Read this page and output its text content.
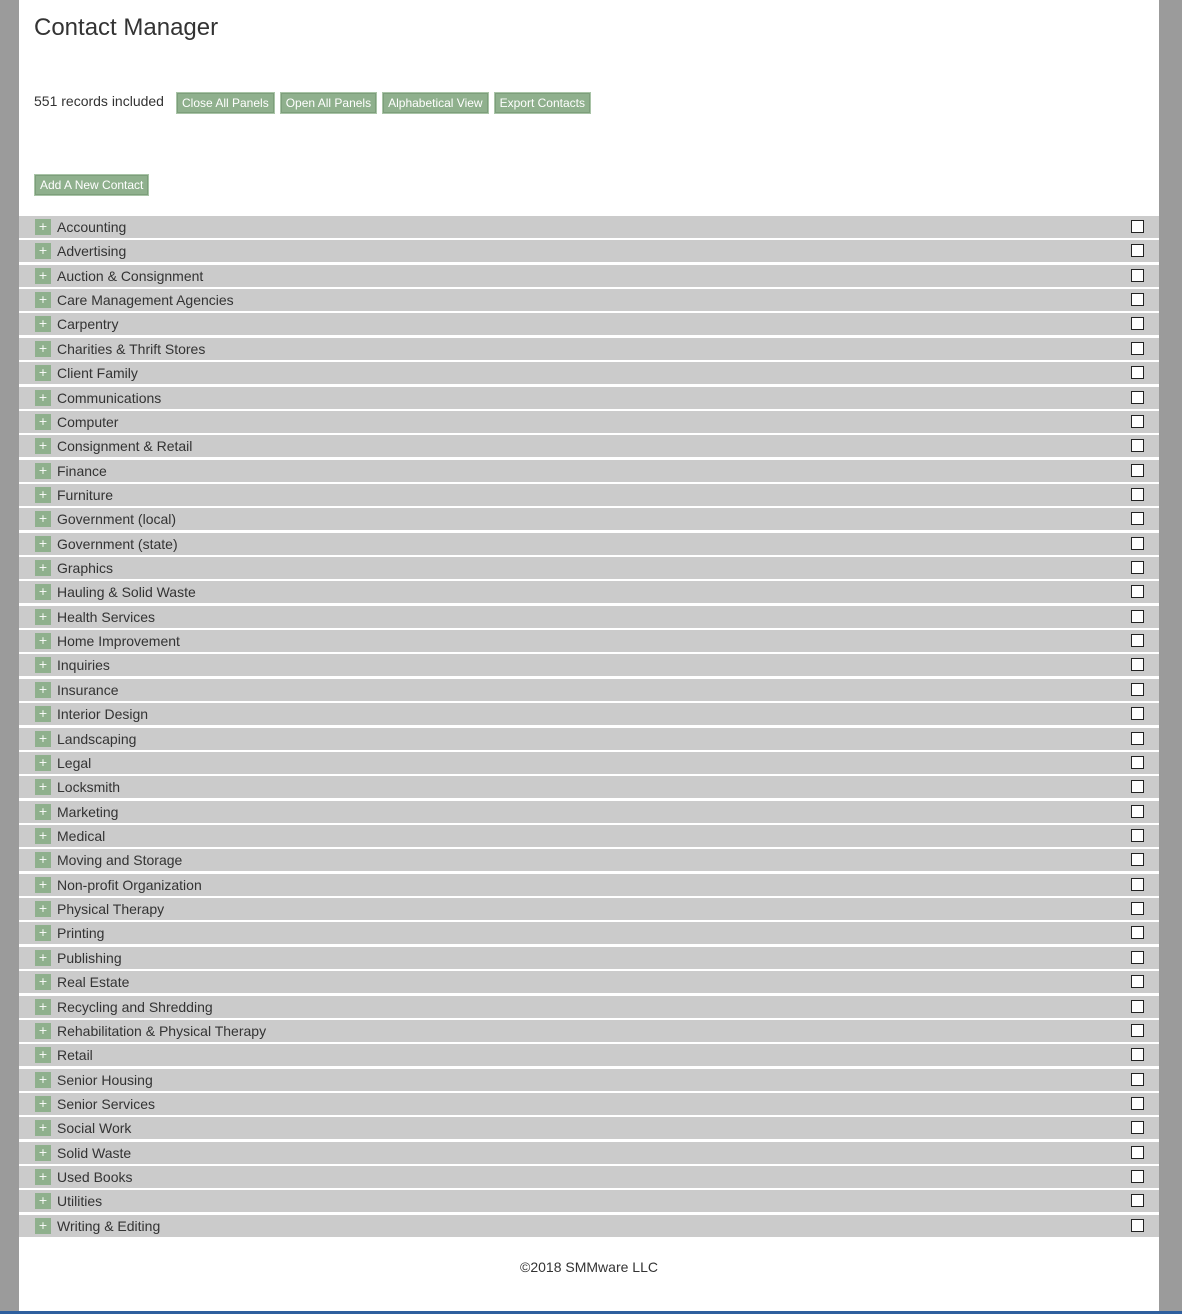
Contact Manager
551 records included	Close All Panels	Open All Panels	Alphabetical View	Export Contacts
Add A New Contact
+ Accounting
+ Advertising
+ Auction & Consignment
+ Care Management Agencies
+ Carpentry
+ Charities & Thrift Stores
+ Client Family
+ Communications
+ Computer
+ Consignment & Retail
+ Finance
+ Furniture
+ Government (local)
+ Government (state)
+ Graphics
+ Hauling & Solid Waste
+ Health Services
+ Home Improvement
+ Inquiries
+ Insurance
+ Interior Design
+ Landscaping
+ Legal
+ Locksmith
+ Marketing
+ Medical
+ Moving and Storage
+ Non-profit Organization
+ Physical Therapy
+ Printing
+ Publishing
+ Real Estate
+ Recycling and Shredding
+ Rehabilitation & Physical Therapy
+ Retail
+ Senior Housing
+ Senior Services
+ Social Work
+ Solid Waste
+ Used Books
+ Utilities
+ Writing & Editing
©2018 SMMware LLC
